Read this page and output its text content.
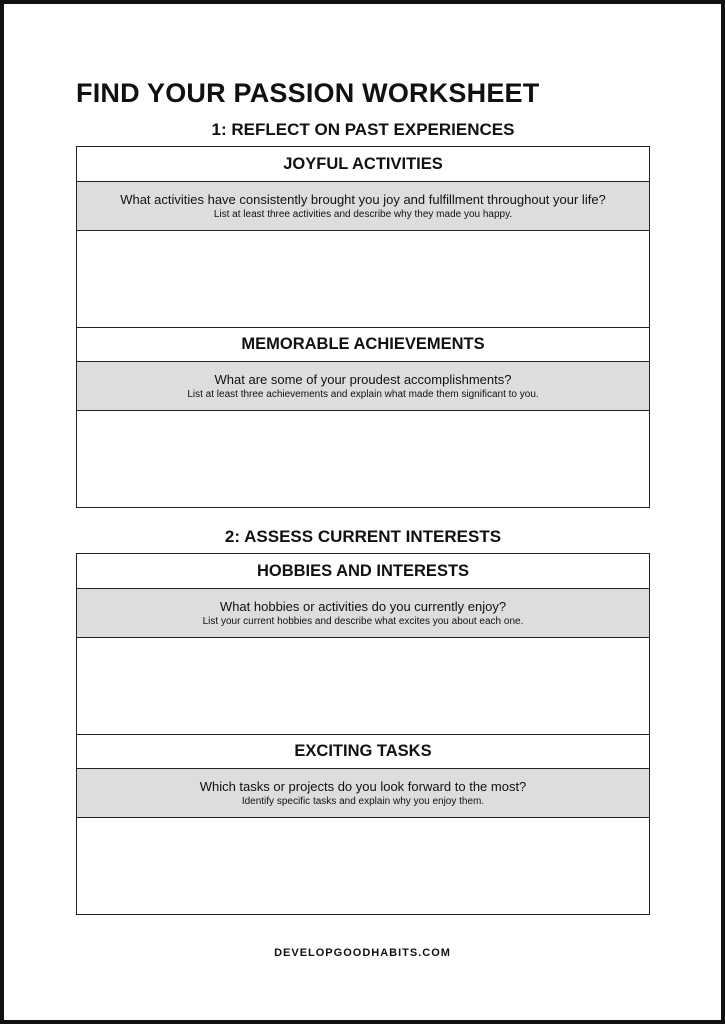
FIND YOUR PASSION WORKSHEET
1: REFLECT ON PAST EXPERIENCES
JOYFUL ACTIVITIES
What activities have consistently brought you joy and fulfillment throughout your life?
List at least three activities and describe why they made you happy.
MEMORABLE ACHIEVEMENTS
What are some of your proudest accomplishments?
List at least three achievements and explain what made them significant to you.
2: ASSESS CURRENT INTERESTS
HOBBIES AND INTERESTS
What hobbies or activities do you currently enjoy?
List your current hobbies and describe what excites you about each one.
EXCITING TASKS
Which tasks or projects do you look forward to the most?
Identify specific tasks and explain why you enjoy them.
DEVELOPGOODHABITS.COM
